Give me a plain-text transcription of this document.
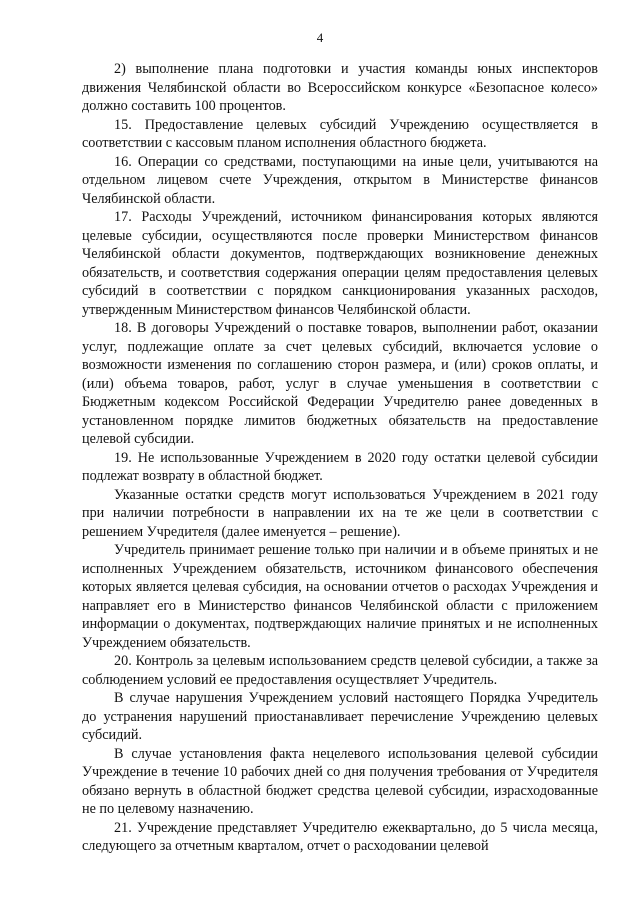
4

2) выполнение плана подготовки и участия команды юных инспекторов движения Челябинской области во Всероссийском конкурсе «Безопасное колесо» должно составить 100 процентов.

15. Предоставление целевых субсидий Учреждению осуществляется в соответствии с кассовым планом исполнения областного бюджета.

16. Операции со средствами, поступающими на иные цели, учитываются на отдельном лицевом счете Учреждения, открытом в Министерстве финансов Челябинской области.

17. Расходы Учреждений, источником финансирования которых являются целевые субсидии, осуществляются после проверки Министерством финансов Челябинской области документов, подтверждающих возникновение денежных обязательств, и соответствия содержания операции целям предоставления целевых субсидий в соответствии с порядком санкционирования указанных расходов, утвержденным Министерством финансов Челябинской области.

18. В договоры Учреждений о поставке товаров, выполнении работ, оказании услуг, подлежащие оплате за счет целевых субсидий, включается условие о возможности изменения по соглашению сторон размера, и (или) сроков оплаты, и (или) объема товаров, работ, услуг в случае уменьшения в соответствии с Бюджетным кодексом Российской Федерации Учредителю ранее доведенных в установленном порядке лимитов бюджетных обязательств на предоставление целевой субсидии.

19. Не использованные Учреждением в 2020 году остатки целевой субсидии подлежат возврату в областной бюджет.

Указанные остатки средств могут использоваться Учреждением в 2021 году при наличии потребности в направлении их на те же цели в соответствии с решением Учредителя (далее именуется – решение).

Учредитель принимает решение только при наличии и в объеме принятых и не исполненных Учреждением обязательств, источником финансового обеспечения которых является целевая субсидия, на основании отчетов о расходах Учреждения и направляет его в Министерство финансов Челябинской области с приложением информации о документах, подтверждающих наличие принятых и не исполненных Учреждением обязательств.

20. Контроль за целевым использованием средств целевой субсидии, а также за соблюдением условий ее предоставления осуществляет Учредитель.

В случае нарушения Учреждением условий настоящего Порядка Учредитель до устранения нарушений приостанавливает перечисление Учреждению целевых субсидий.

В случае установления факта нецелевого использования целевой субсидии Учреждение в течение 10 рабочих дней со дня получения требования от Учредителя обязано вернуть в областной бюджет средства целевой субсидии, израсходованные не по целевому назначению.

21. Учреждение представляет Учредителю ежеквартально, до 5 числа месяца, следующего за отчетным кварталом, отчет о расходовании целевой
